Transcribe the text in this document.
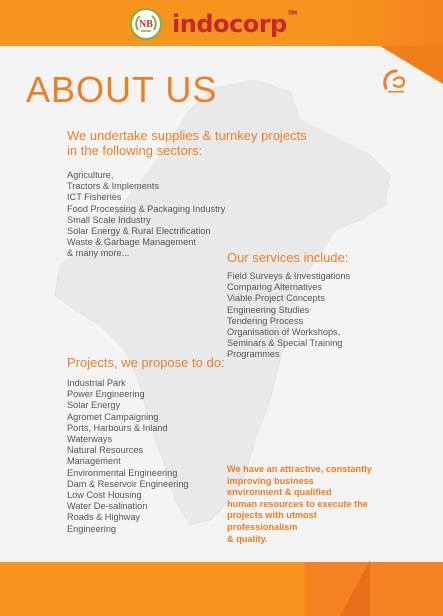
NB indocorp™
ABOUT US
We undertake supplies & turnkey projects in the following sectors:
Agriculture,
Tractors & Implements
ICT Fisheries
Food Processing & Packaging Industry
Small Scale Industry
Solar Energy & Rural Electrification
Waste & Garbage Management
& many more...	Our services include:
Field Surveys & Investigations
Comparing Alternatives
Viable Project Concepts
Engineering Studies
Tendering Process
Organisation of Workshops,
Seminars & Special Training
Programmes
Projects, we propose to do:
Industrial Park
Power Engineering
Solar Energy
Agromet Campaigning
Ports, Harbours & Inland
Waterways
Natural Resources
Management
Environmental Engineering
Dam & Reservoir Engineering
Low Cost Housing
Water De-salination
Roads & Highway
Engineering
We have an attractive, constantly
improving business
environment & qualified
human resources to execute the
projects with utmost professionalism
& quality.
